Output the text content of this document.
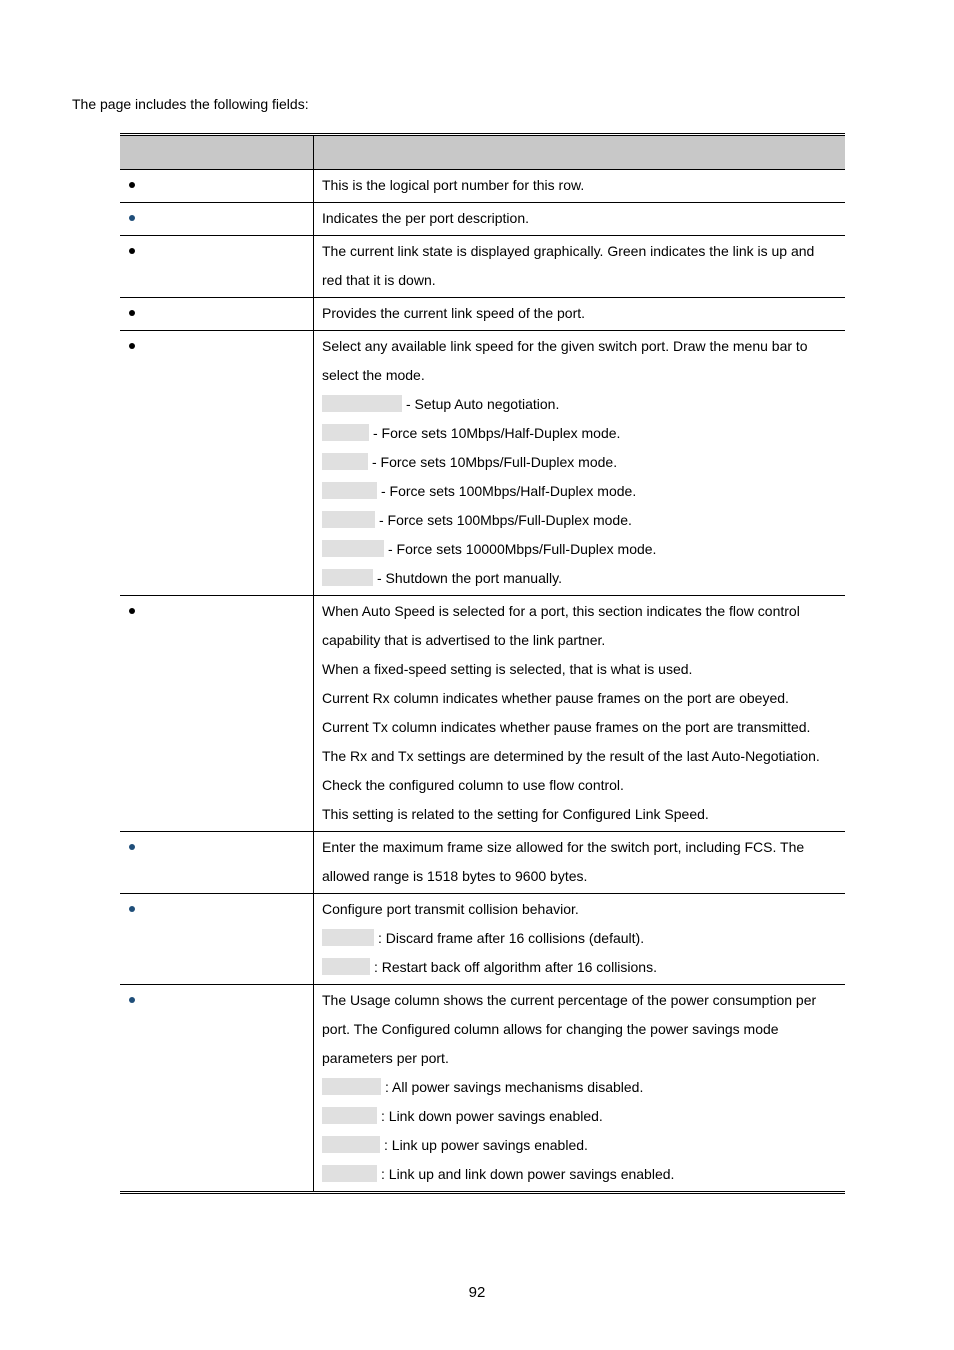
The page includes the following fields:
This is the logical port number for this row.
Indicates the per port description.
The current link state is displayed graphically. Green indicates the link is up and
red that it is down.
Provides the current link speed of the port.
Select any available link speed for the given switch port. Draw the menu bar to
select the mode.
- Setup Auto negotiation.
- Force sets 10Mbps/Half-Duplex mode.
- Force sets 10Mbps/Full-Duplex mode.
- Force sets 100Mbps/Half-Duplex mode.
- Force sets 100Mbps/Full-Duplex mode.
- Force sets 10000Mbps/Full-Duplex mode.
- Shutdown the port manually.
When Auto Speed is selected for a port, this section indicates the flow control
capability that is advertised to the link partner.
When a fixed-speed setting is selected, that is what is used.
Current Rx column indicates whether pause frames on the port are obeyed.
Current Tx column indicates whether pause frames on the port are transmitted.
The Rx and Tx settings are determined by the result of the last Auto-Negotiation.
Check the configured column to use flow control.
This setting is related to the setting for Configured Link Speed.
Enter the maximum frame size allowed for the switch port, including FCS. The
allowed range is 1518 bytes to 9600 bytes.
Configure port transmit collision behavior.
: Discard frame after 16 collisions (default).
: Restart back off algorithm after 16 collisions.
The Usage column shows the current percentage of the power consumption per
port. The Configured column allows for changing the power savings mode
parameters per port.
: All power savings mechanisms disabled.
: Link down power savings enabled.
: Link up power savings enabled.
: Link up and link down power savings enabled.
92
